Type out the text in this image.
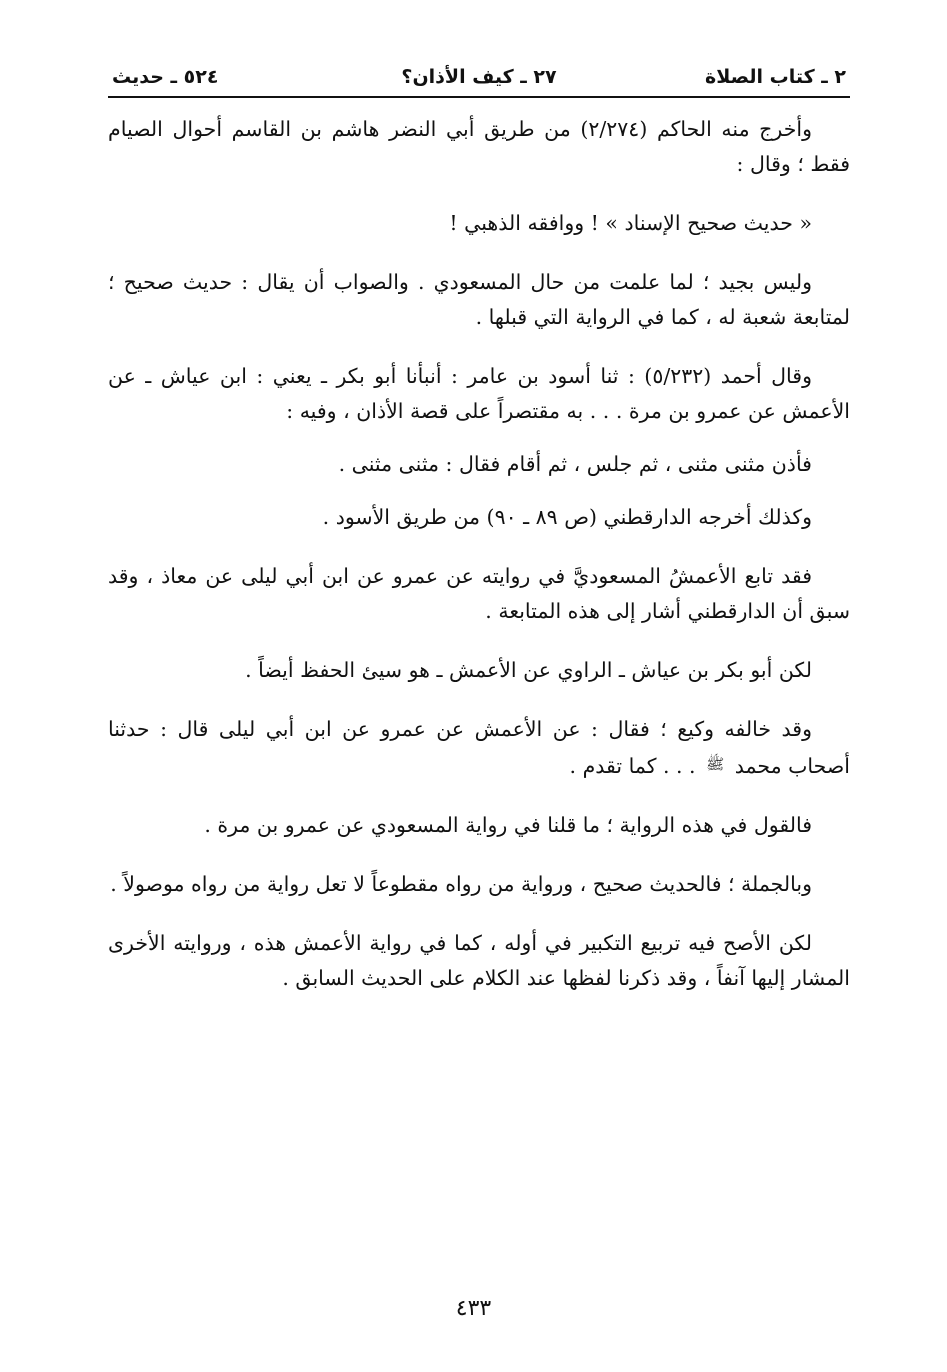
٢ ـ كتاب الصلاة
٢٧ ـ كيف الأذان؟
٥٢٤ ـ حديث

وأخرج منه الحاكم (٢/٢٧٤) من طريق أبي النضر هاشم بن القاسم أحوال الصيام فقط ؛ وقال :

« حديث صحيح الإسناد » ! ووافقه الذهبي !

وليس بجيد ؛ لما علمت من حال المسعودي . والصواب أن يقال : حديث صحيح ؛ لمتابعة شعبة له ، كما في الرواية التي قبلها .

وقال أحمد (٥/٢٣٢) : ثنا أسود بن عامر : أنبأنا أبو بكر ـ يعني : ابن عياش ـ عن الأعمش عن عمرو بن مرة . . . به مقتصراً على قصة الأذان ، وفيه :

فأذن مثنى مثنى ، ثم جلس ، ثم أقام فقال : مثنى مثنى .

وكذلك أخرجه الدارقطني (ص ٨٩ ـ ٩٠) من طريق الأسود .

فقد تابع الأعمشُ المسعوديَّ في روايته عن عمرو عن ابن أبي ليلى عن معاذ ، وقد سبق أن الدارقطني أشار إلى هذه المتابعة .

لكن أبو بكر بن عياش ـ الراوي عن الأعمش ـ هو سيئ الحفظ أيضاً .

وقد خالفه وكيع ؛ فقال : عن الأعمش عن عمرو عن ابن أبي ليلى قال : حدثنا أصحاب محمد ﷺ . . . كما تقدم .

فالقول في هذه الرواية ؛ ما قلنا في رواية المسعودي عن عمرو بن مرة .

وبالجملة ؛ فالحديث صحيح ، ورواية من رواه مقطوعاً لا تعل رواية من رواه موصولاً .

لكن الأصح فيه تربيع التكبير في أوله ، كما في رواية الأعمش هذه ، وروايته الأخرى المشار إليها آنفاً ، وقد ذكرنا لفظها عند الكلام على الحديث السابق .

٤٣٣
